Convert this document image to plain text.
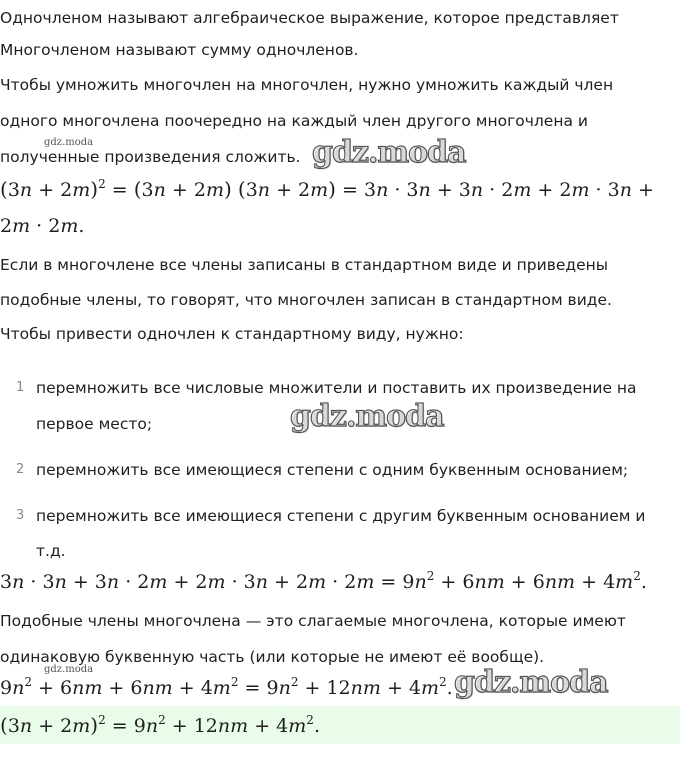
Одночленом называют алгебраическое выражение, которое представляет
Многочленом называют сумму одночленов.
Чтобы умножить многочлен на многочлен, нужно умножить каждый член
одного многочлена поочередно на каждый член другого многочлена и
gdz.moda
полученные произведения сложить. gdz.moda
$(3n + 2m)^2 = (3n + 2m)$ (3n + 2m) = 3n · 3n + 3n · 2m + 2m · 3n +
2m · 2m.
Если в многочлене все члены записаны в стандартном виде и приведены
подобные члены, то говорят, что многочлен записан в стандартном виде.
Чтобы привести одночлен к стандартному виду, нужно:
1 перемножить все числовые множители и поставить их произведение на
первое место;
2 перемножить все имеющиеся степени с одним буквенным основанием;
3 перемножить все имеющиеся степени с другим буквенным основанием и
т.д.
gdz.moda
$3n \cdot 3n + 3n \cdot 2m + 2m \cdot 3n + 2m \cdot 2m = 9n^2 + 6nm + 6nm + 4m^2$.
Подобные члены многочлена — это слагаемые многочлена, которые имеют
одинаковую буквенную часть (или которые не имеют её вообще).
gdz.moda
$9n^2 + 6nm + 6nm + 4m^2 = 9n^2 + 12nm + 4m^2$. gdz.moda
$(3n + 2m)^2 = 9n^2 + 12nm + 4m^2$.
